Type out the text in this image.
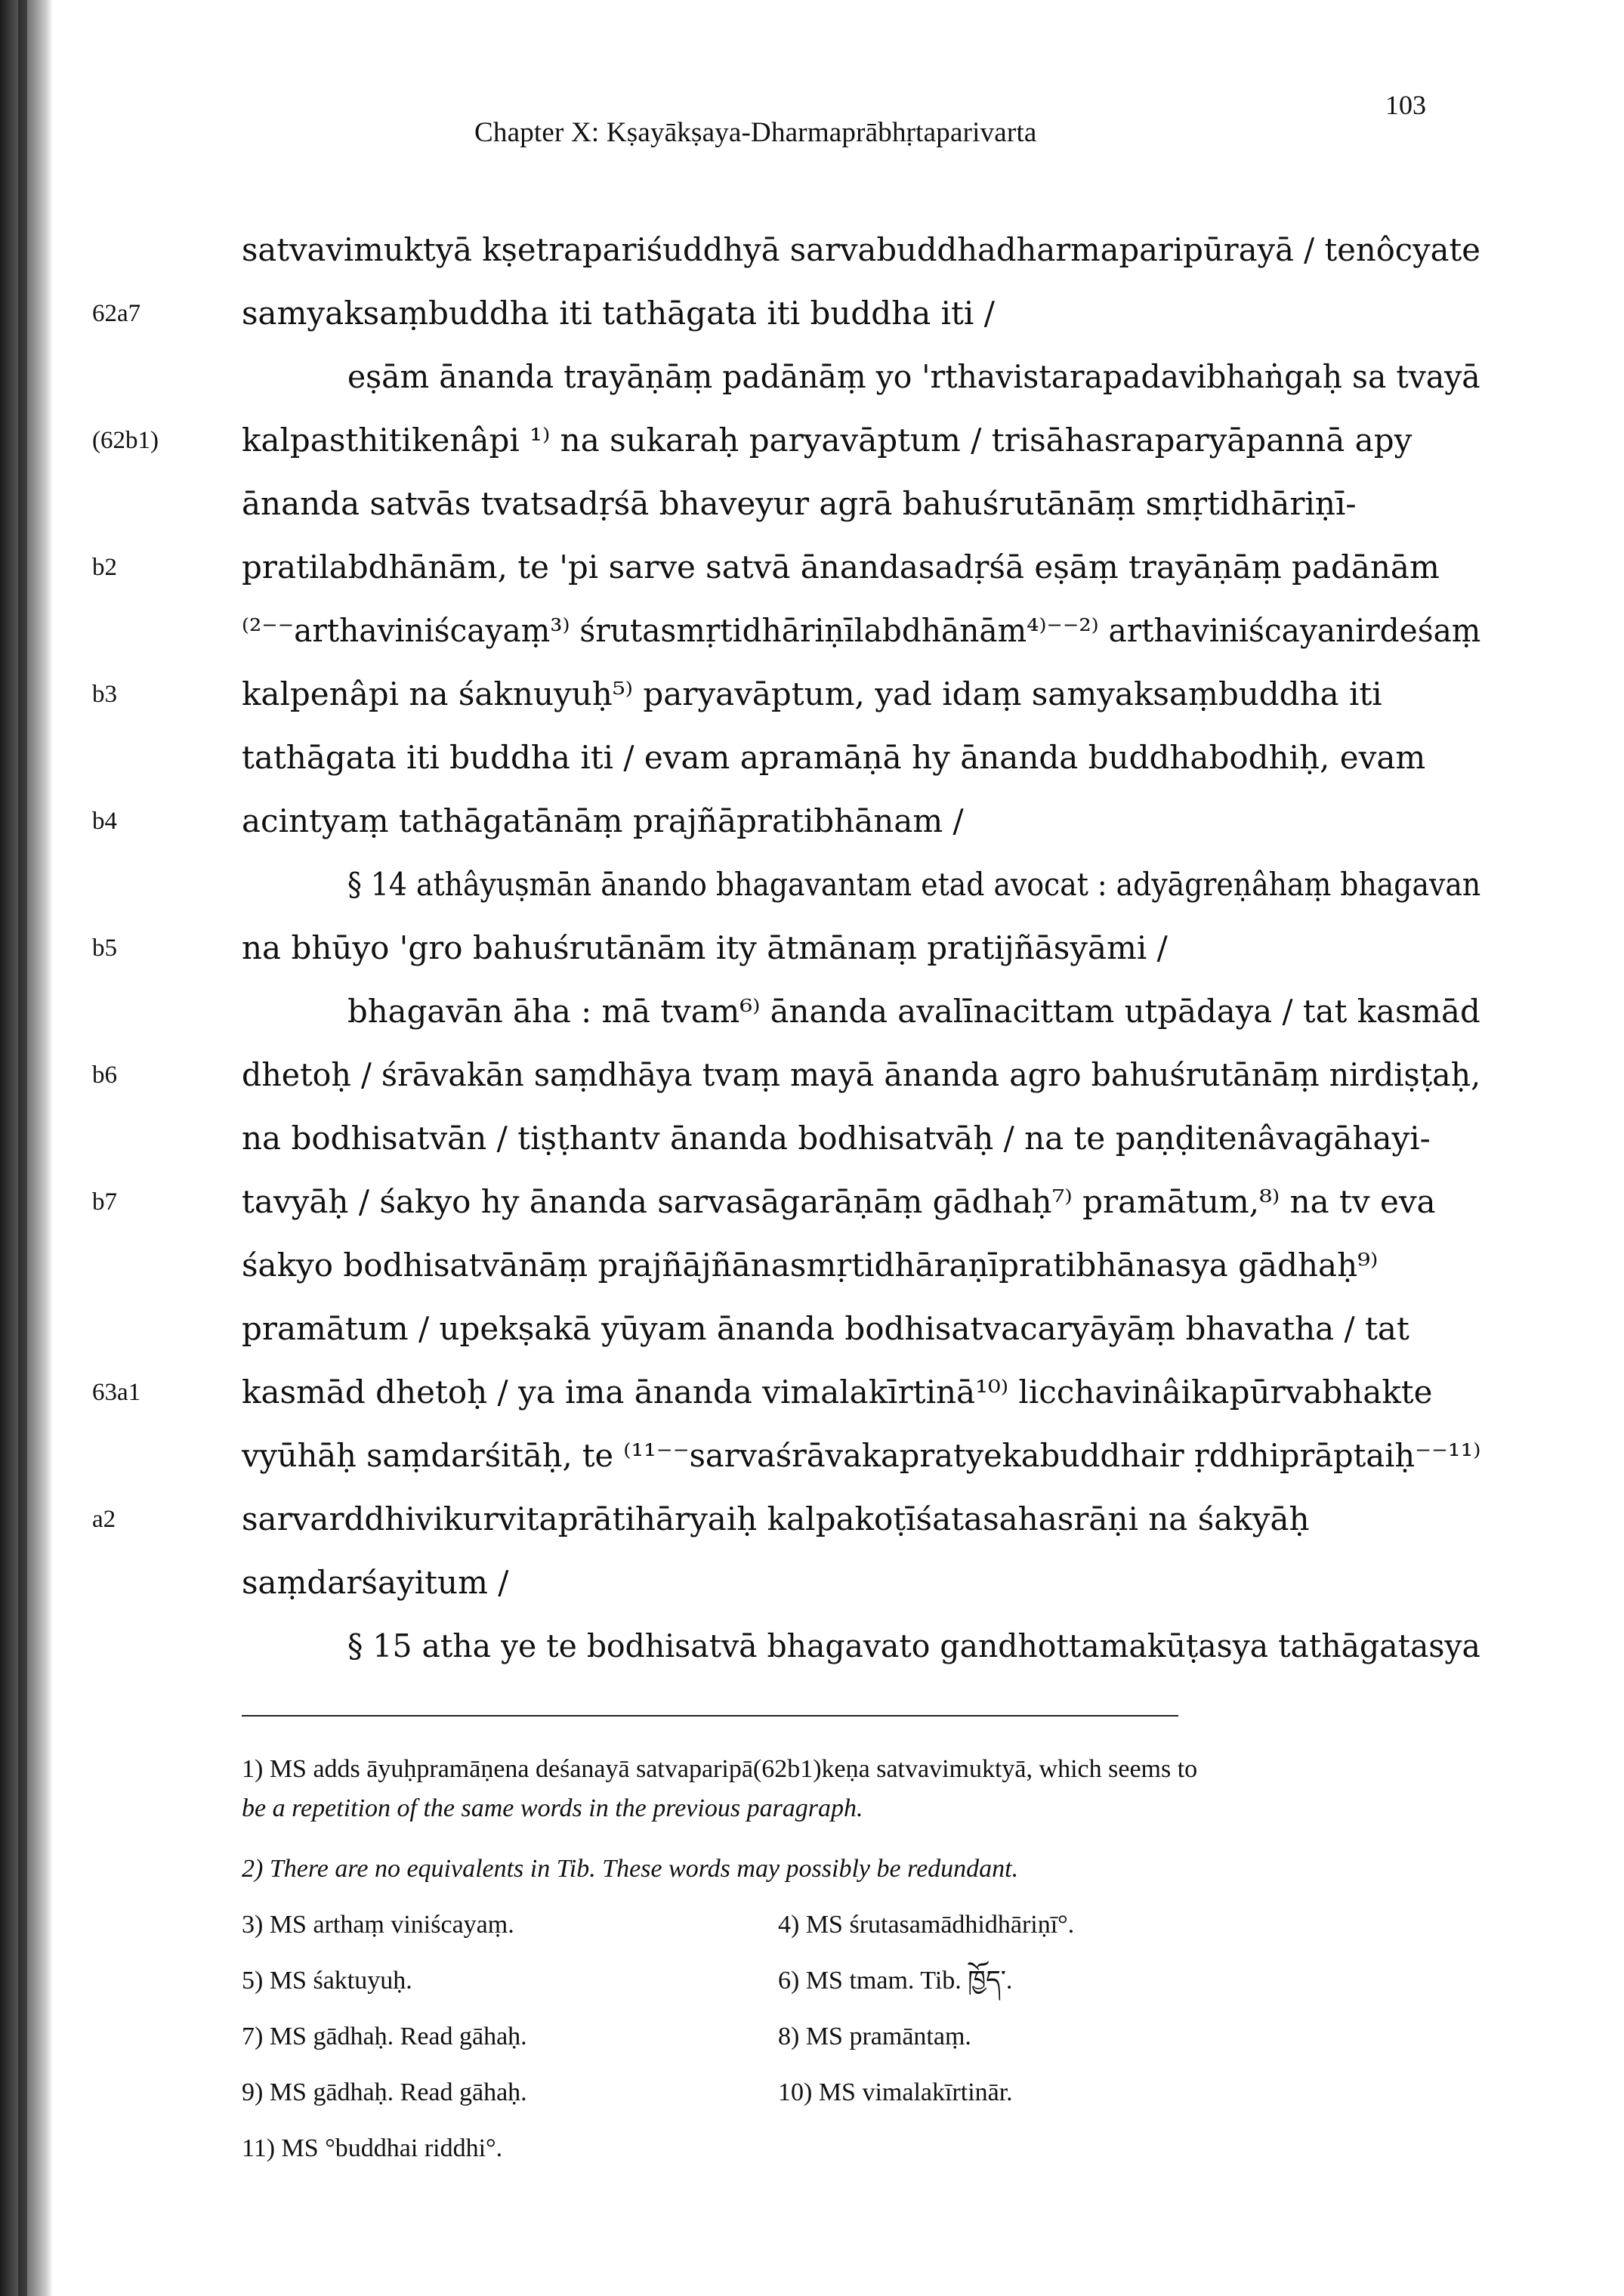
Chapter X: Kṣayākṣaya-Dharmaprābhṛtaparivarta
103
satvavimuktyā kṣetrapariśuddhyā sarvabuddhadharmaparipūrayā / tenôcyate
62a7	samyaksaṃbuddha iti tathāgata iti buddha iti /
eṣām ānanda trayāṇāṃ padānāṃ yo 'rthavistarapadavibhaṅgaḥ sa tvayā
(62b1)	kalpasthitikenâpi ¹⁾ na sukaraḥ paryavāptum / trisāhasraparyāpannā apy
ānanda satvās tvatsadṛśā bhaveyur agrā bahuśrutānāṃ smṛtidhāriṇī-
b2	pratilabdhānām, te 'pi sarve satvā ānandasadṛśā eṣāṃ trayāṇāṃ padānām
⁽²⁻⁻arthaviniścayaṃ³⁾ śrutasmṛtidhāriṇīlabdhānām⁴⁾⁻⁻²⁾ arthaviniścayanirdeśaṃ
b3	kalpenâpi na śaknuyuḥ⁵⁾ paryavāptum, yad idaṃ samyaksaṃbuddha iti
tathāgata iti buddha iti / evam apramāṇā hy ānanda buddhabodhiḥ, evam
b4	acintyaṃ tathāgatānāṃ prajñāpratibhānam /
§ 14 athâyuṣmān ānando bhagavantam etad avocat : adyāgreṇâhaṃ bhagavan
b5	na bhūyo 'gro bahuśrutānām ity ātmānaṃ pratijñāsyāmi /
bhagavān āha : mā tvam⁶⁾ ānanda avalīnacittam utpādaya / tat kasmād
b6	dhetoḥ / śrāvakān saṃdhāya tvaṃ mayā ānanda agro bahuśrutānāṃ nirdiṣṭaḥ,
na bodhisatvān / tiṣṭhantv ānanda bodhisatvāḥ / na te paṇḍitenâvagāhayi-
b7	tavyāḥ / śakyo hy ānanda sarvasāgarāṇāṃ gādhaḥ⁷⁾ pramātum,⁸⁾ na tv eva
śakyo bodhisatvānāṃ prajñājñānasmṛtidhāraṇīpratibhānasya gādhaḥ⁹⁾
pramātum / upekṣakā yūyam ānanda bodhisatvacaryāyāṃ bhavatha / tat
63a1	kasmād dhetoḥ / ya ima ānanda vimalakīrtinā¹⁰⁾ licchavinâikapūrvabhakte
vyūhāḥ saṃdarśitāḥ, te ⁽¹¹⁻⁻sarvaśrāvakapratyekabuddhair ṛddhiprāptaiḥ⁻⁻¹¹⁾
a2	sarvarddhivikurvitaprātihāryaiḥ kalpakoṭīśatasahasrāṇi na śakyāḥ
saṃdarśayitum /
§ 15 atha ye te bodhisatvā bhagavato gandhottamakūṭasya tathāgatasya
1) MS adds āyuḥpramāṇena deśanayā satvaparipā(62b1)keṇa satvavimuktyā, which seems to
be a repetition of the same words in the previous paragraph.
2) There are no equivalents in Tib. These words may possibly be redundant.
3) MS arthaṃ viniścayaṃ.	4) MS śrutasamādhidhāriṇī°.
5) MS śaktuyuḥ.	6) MS tmam. Tib. ཁྱོད་.
7) MS gādhaḥ. Read gāhaḥ.	8) MS pramāntaṃ.
9) MS gādhaḥ. Read gāhaḥ.	10) MS vimalakīrtinār.
11) MS °buddhai riddhi°.
